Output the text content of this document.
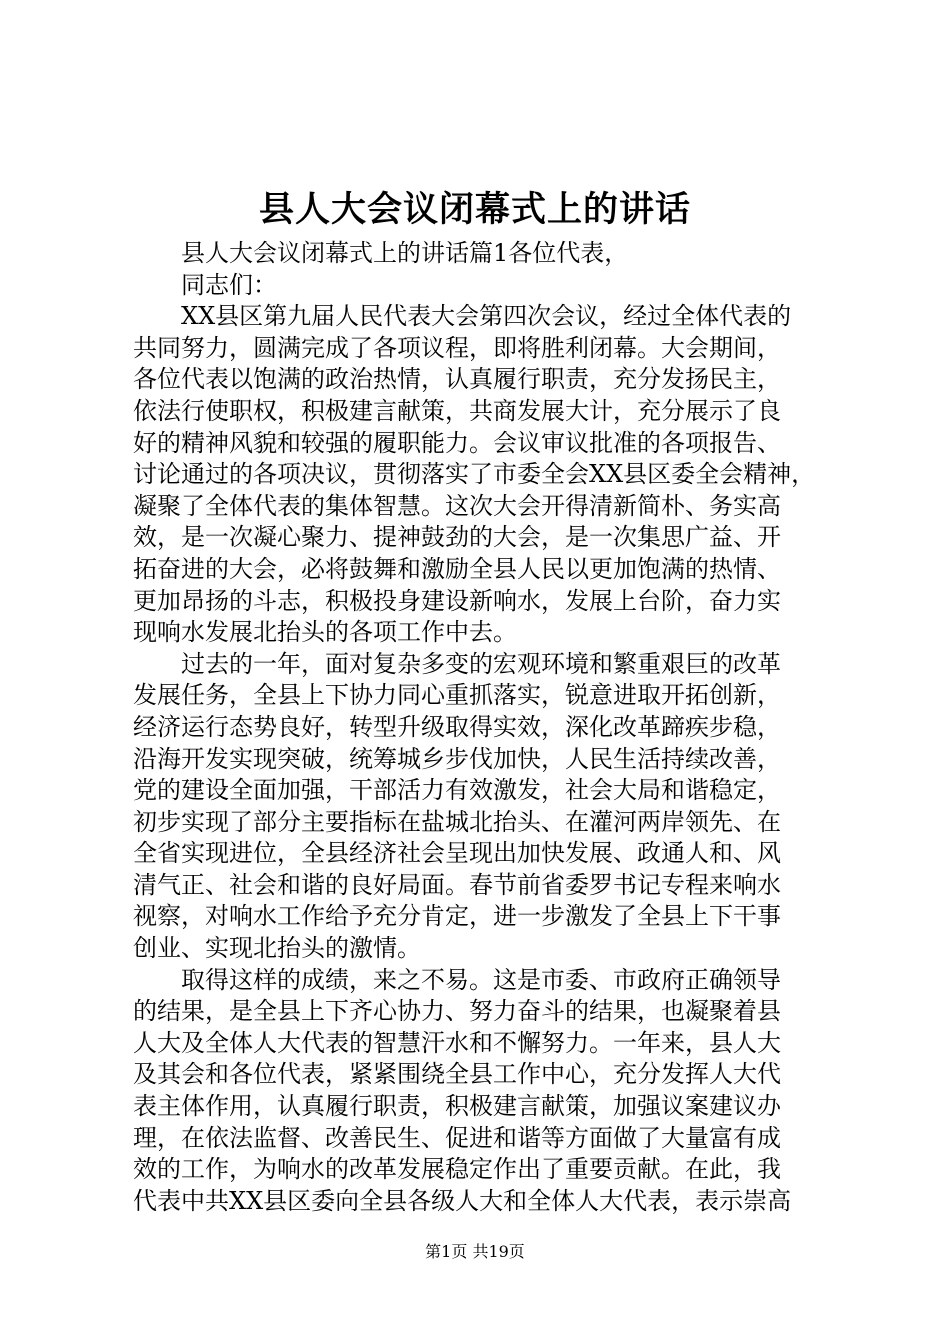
县人大会议闭幕式上的讲话
　　县人大会议闭幕式上的讲话篇1各位代表，
　　同志们：
　　XX县区第九届人民代表大会第四次会议，经过全体代表的
共同努力，圆满完成了各项议程，即将胜利闭幕。大会期间，
各位代表以饱满的政治热情，认真履行职责，充分发扬民主，
依法行使职权，积极建言献策，共商发展大计，充分展示了良
好的精神风貌和较强的履职能力。会议审议批准的各项报告、
讨论通过的各项决议，贯彻落实了市委全会XX县区委全会精神，
凝聚了全体代表的集体智慧。这次大会开得清新简朴、务实高
效，是一次凝心聚力、提神鼓劲的大会，是一次集思广益、开
拓奋进的大会，必将鼓舞和激励全县人民以更加饱满的热情、
更加昂扬的斗志，积极投身建设新响水，发展上台阶，奋力实
现响水发展北抬头的各项工作中去。
　　过去的一年，面对复杂多变的宏观环境和繁重艰巨的改革
发展任务，全县上下协力同心重抓落实，锐意进取开拓创新，
经济运行态势良好，转型升级取得实效，深化改革蹄疾步稳，
沿海开发实现突破，统筹城乡步伐加快，人民生活持续改善，
党的建设全面加强，干部活力有效激发，社会大局和谐稳定，
初步实现了部分主要指标在盐城北抬头、在灌河两岸领先、在
全省实现进位，全县经济社会呈现出加快发展、政通人和、风
清气正、社会和谐的良好局面。春节前省委罗书记专程来响水
视察，对响水工作给予充分肯定，进一步激发了全县上下干事
创业、实现北抬头的激情。
　　取得这样的成绩，来之不易。这是市委、市政府正确领导
的结果，是全县上下齐心协力、努力奋斗的结果，也凝聚着县
人大及全体人大代表的智慧汗水和不懈努力。一年来，县人大
及其会和各位代表，紧紧围绕全县工作中心，充分发挥人大代
表主体作用，认真履行职责，积极建言献策，加强议案建议办
理，在依法监督、改善民生、促进和谐等方面做了大量富有成
效的工作，为响水的改革发展稳定作出了重要贡献。在此，我
代表中共XX县区委向全县各级人大和全体人大代表，表示崇高
第1页 共19页
